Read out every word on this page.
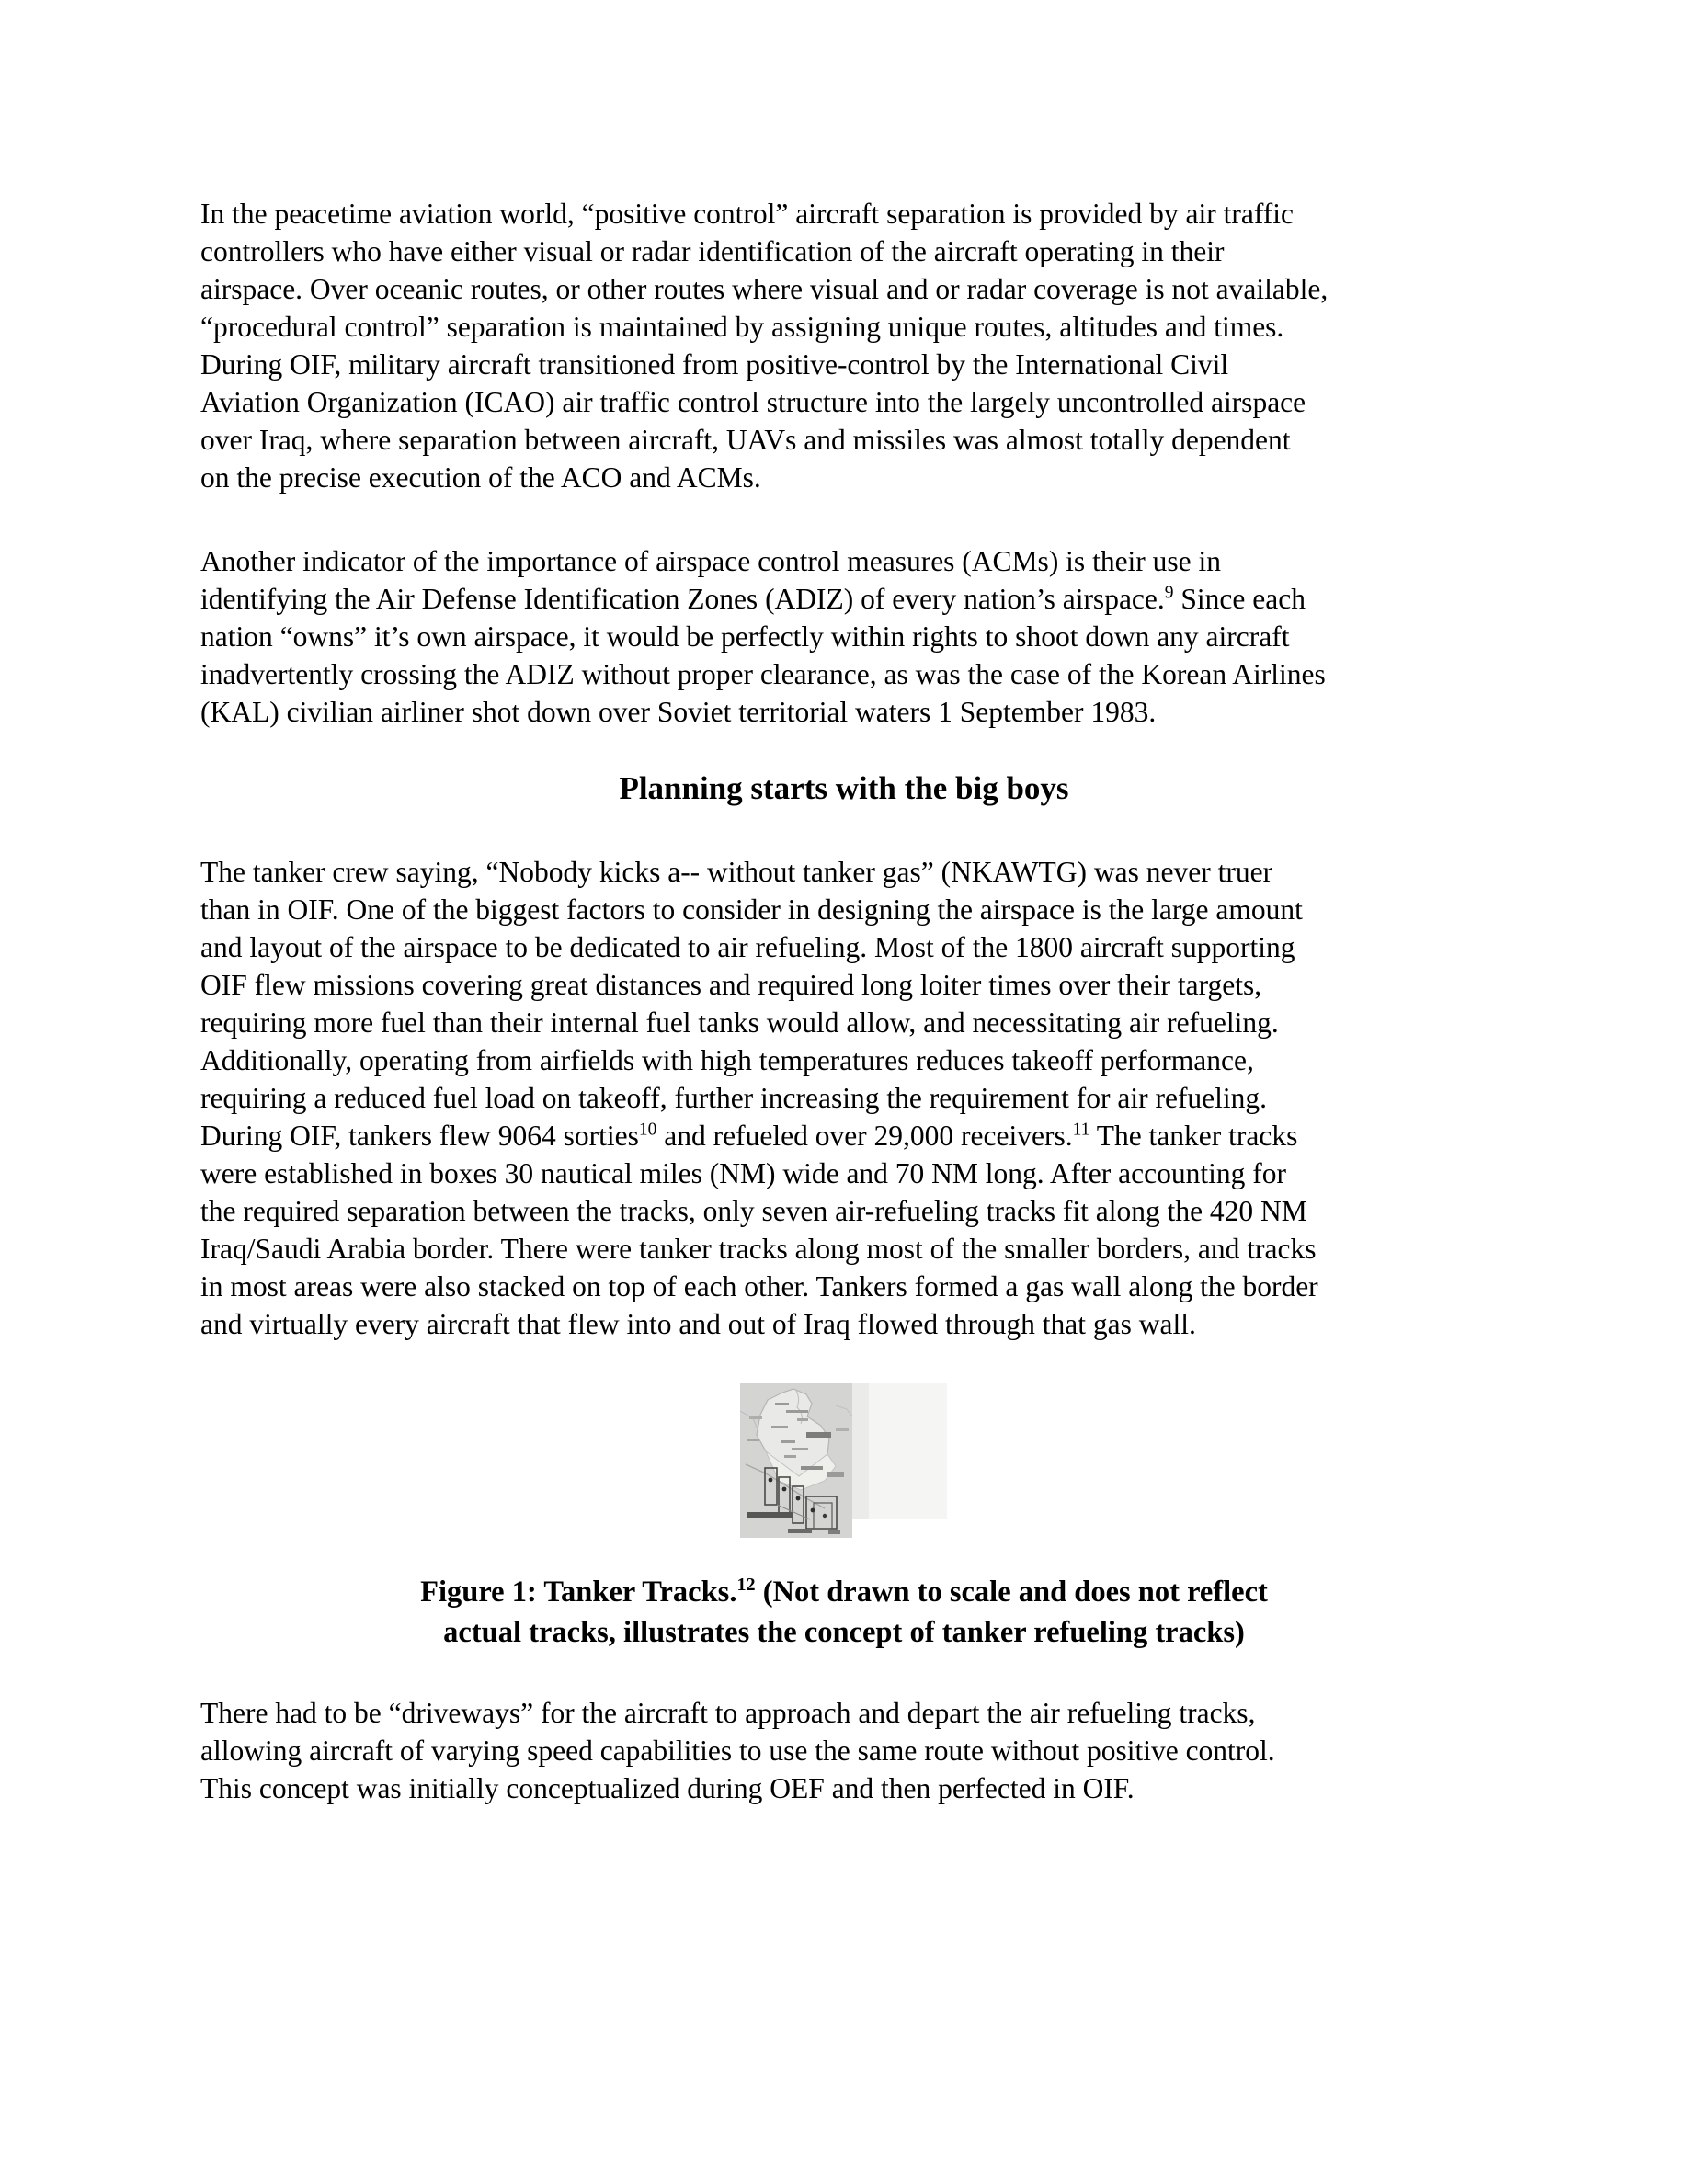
In the peacetime aviation world, “positive control” aircraft separation is provided by air traffic
controllers who have either visual or radar identification of the aircraft operating in their
airspace. Over oceanic routes, or other routes where visual and or radar coverage is not available,
“procedural control” separation is maintained by assigning unique routes, altitudes and times.
During OIF, military aircraft transitioned from positive-control by the International Civil
Aviation Organization (ICAO) air traffic control structure into the largely uncontrolled airspace
over Iraq, where separation between aircraft, UAVs and missiles was almost totally dependent
on the precise execution of the ACO and ACMs.
Another indicator of the importance of airspace control measures (ACMs) is their use in
identifying the Air Defense Identification Zones (ADIZ) of every nation’s airspace.$^9$ Since each
nation “owns” it’s own airspace, it would be perfectly within rights to shoot down any aircraft
inadvertently crossing the ADIZ without proper clearance, as was the case of the Korean Airlines
(KAL) civilian airliner shot down over Soviet territorial waters 1 September 1983.
Planning starts with the big boys
The tanker crew saying, “Nobody kicks a-- without tanker gas” (NKAWTG) was never truer
than in OIF. One of the biggest factors to consider in designing the airspace is the large amount
and layout of the airspace to be dedicated to air refueling. Most of the 1800 aircraft supporting
OIF flew missions covering great distances and required long loiter times over their targets,
requiring more fuel than their internal fuel tanks would allow, and necessitating air refueling.
Additionally, operating from airfields with high temperatures reduces takeoff performance,
requiring a reduced fuel load on takeoff, further increasing the requirement for air refueling.
During OIF, tankers flew 9064 sorties$^{10}$ and refueled over 29,000 receivers.$^{11}$ The tanker tracks
were established in boxes 30 nautical miles (NM) wide and 70 NM long. After accounting for
the required separation between the tracks, only seven air-refueling tracks fit along the 420 NM
Iraq/Saudi Arabia border. There were tanker tracks along most of the smaller borders, and tracks
in most areas were also stacked on top of each other. Tankers formed a gas wall along the border
and virtually every aircraft that flew into and out of Iraq flowed through that gas wall.
Figure 1: Tanker Tracks.$^{12}$ (Not drawn to scale and does not reflect
actual tracks, illustrates the concept of tanker refueling tracks)
There had to be “driveways” for the aircraft to approach and depart the air refueling tracks,
allowing aircraft of varying speed capabilities to use the same route without positive control.
This concept was initially conceptualized during OEF and then perfected in OIF.
